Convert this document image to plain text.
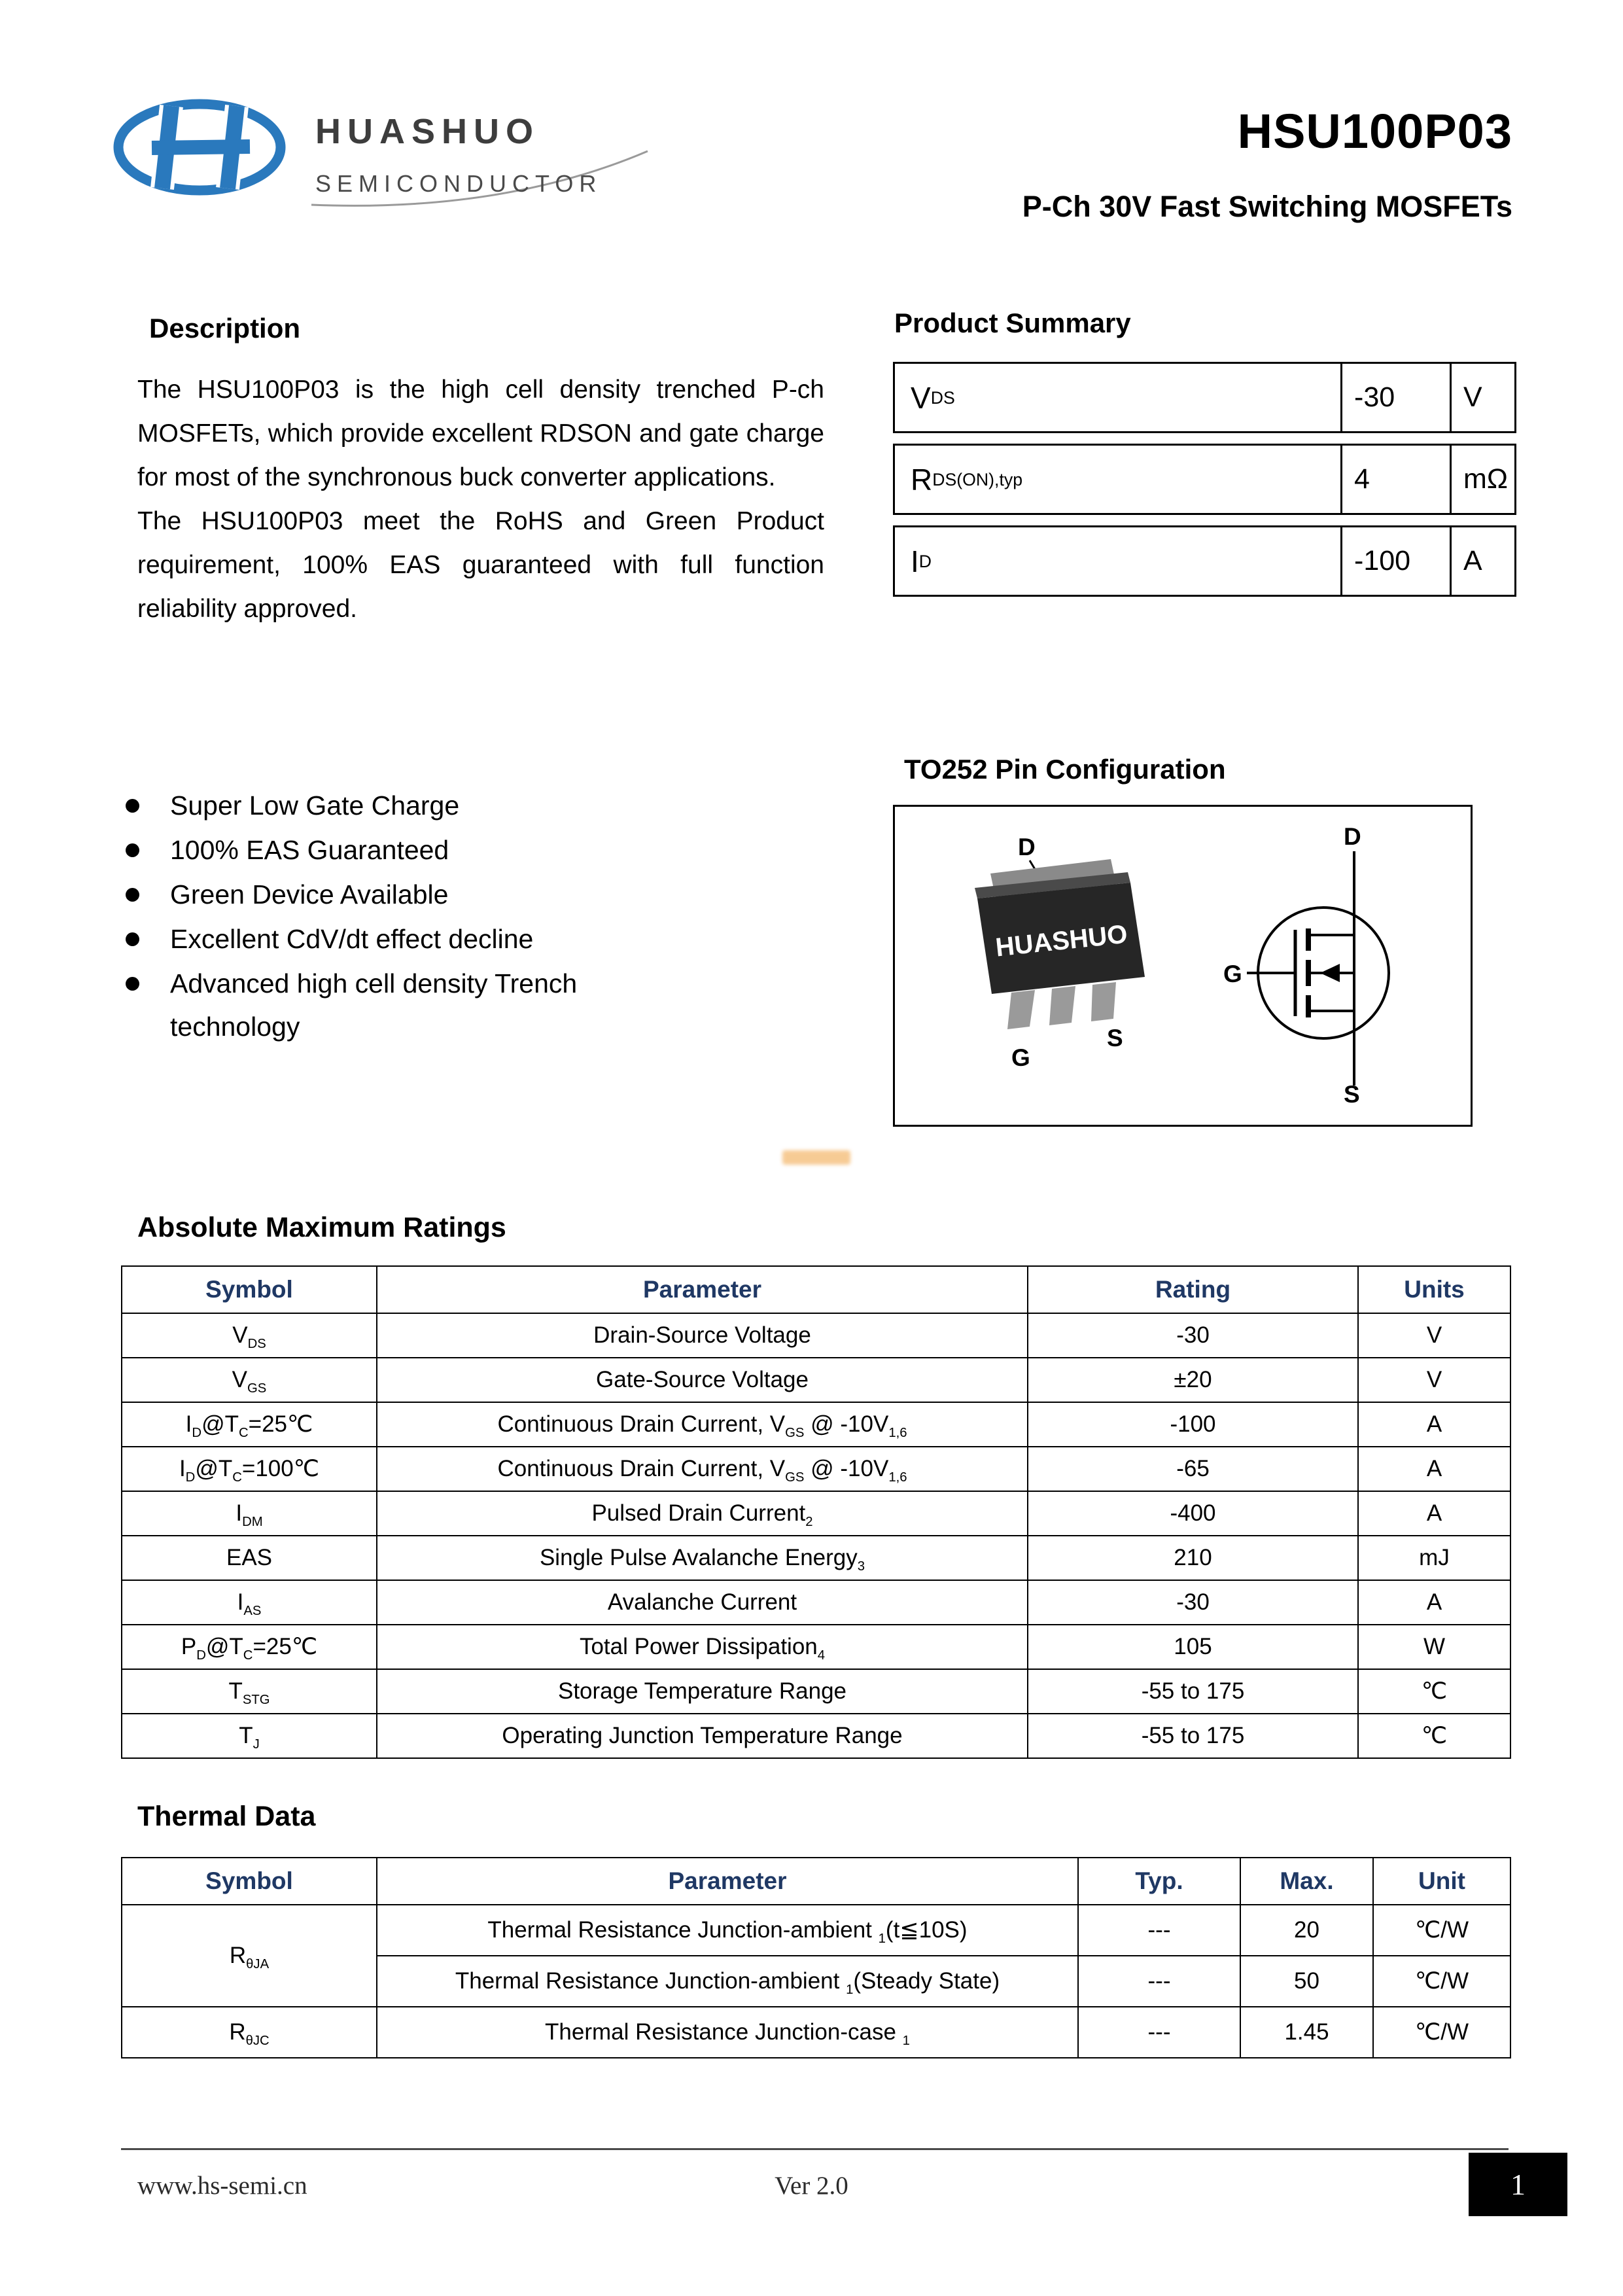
HUASHUO
SEMICONDUCTOR
HSU100P03
P-Ch 30V Fast Switching MOSFETs
Description

The HSU100P03 is the high cell density trenched P-ch MOSFETs, which provide excellent RDSON and gate charge for most of the synchronous buck converter applications.

The HSU100P03 meet the RoHS and Green Product requirement, 100% EAS guaranteed with full function reliability approved.

Product Summary
V DS	-30	V
R DS(ON),typ	4	mΩ
I D	-100	A
Super Low Gate Charge
100% EAS Guaranteed
Green Device Available
Excellent CdV/dt effect decline
Advanced high cell density Trench technology
TO252 Pin Configuration
D
HUASHUO
G
S
D
G
S
Absolute Maximum Ratings
Symbol	Parameter	Rating	Units
$V_{DS}$	Drain-Source Voltage	-30	V
$V_{GS}$	Gate-Source Voltage	±20	V
$I_D@T_C=25℃$	Continuous Drain Current, $V_{GS}$ @ $-10V_{1,6}$	-100	A
$I_D@T_C=100℃$	Continuous Drain Current, $V_{GS}$ @ $-10V_{1,6}$	-65	A
$I_{DM}$	Pulsed Drain Current$_2$	-400	A
EAS	Single Pulse Avalanche Energy$_3$	210	mJ
$I_{AS}$	Avalanche Current	-30	A
$P_D@T_C=25℃$	Total Power Dissipation$_4$	105	W
$T_{STG}$	Storage Temperature Range	-55 to 175	℃
$T_J$	Operating Junction Temperature Range	-55 to 175	℃
Thermal Data
Symbol	Parameter	Typ.	Max.	Unit
$R_{\theta JA}$	Thermal Resistance Junction-ambient $_1$(t≦10S)	---	20	℃/W
	Thermal Resistance Junction-ambient $_1$(Steady State)	---	50	℃/W
$R_{\theta JC}$	Thermal Resistance Junction-case $_1$	---	1.45	℃/W
www.hs-semi.cn	Ver 2.0	1
